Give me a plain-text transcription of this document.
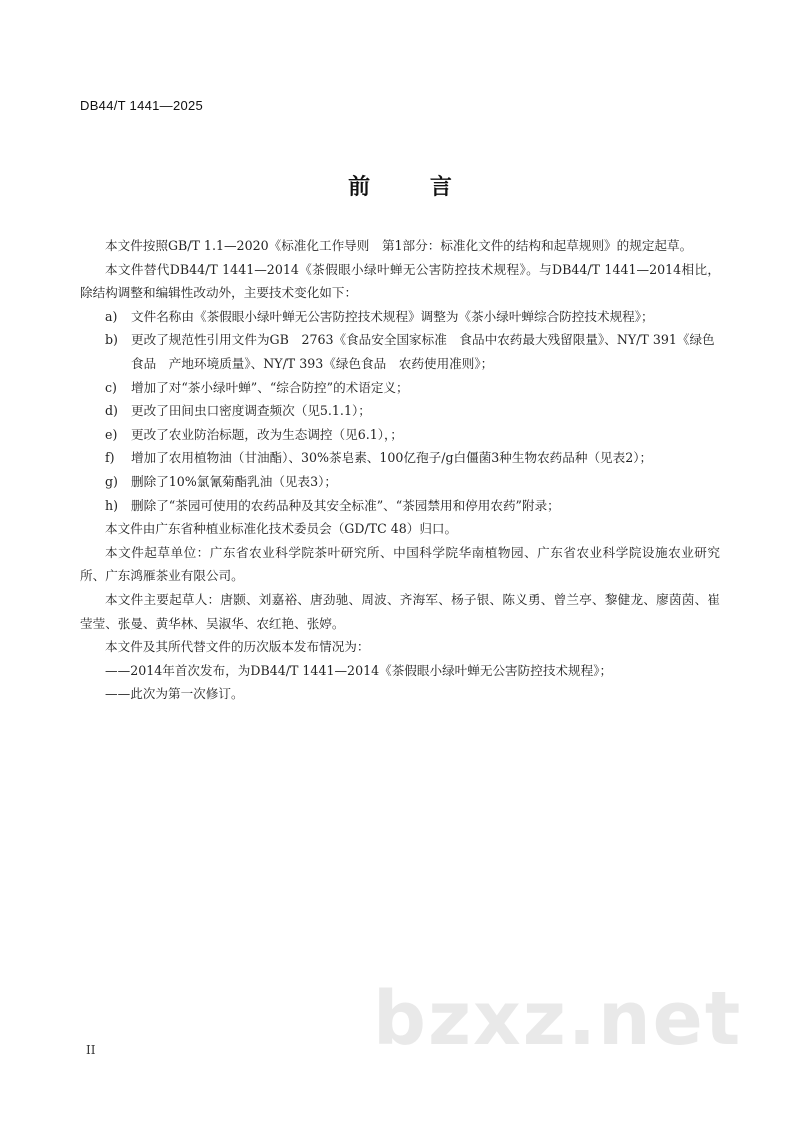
DB44/T 1441—2025
前 言

本文件按照GB/T 1.1—2020《标准化工作导则　第1部分：标准化文件的结构和起草规则》的规定起草。

本文件替代DB44/T 1441—2014《茶假眼小绿叶蝉无公害防控技术规程》。与DB44/T 1441—2014相比，除结构调整和编辑性改动外，主要技术变化如下：

a)	文件名称由《茶假眼小绿叶蝉无公害防控技术规程》调整为《茶小绿叶蝉综合防控技术规程》；
b)	更改了规范性引用文件为GB　2763《食品安全国家标准　食品中农药最大残留限量》、NY/T 391《绿色食品　产地环境质量》、NY/T 393《绿色食品　农药使用准则》；
c)	增加了对“茶小绿叶蝉”、“综合防控”的术语定义；
d)	更改了田间虫口密度调查频次（见5.1.1）；
e)	更改了农业防治标题，改为生态调控（见6.1），；
f)	增加了农用植物油（甘油酯）、30%茶皂素、100亿孢子/g白僵菌3种生物农药品种（见表2）；
g)	删除了10%氯氰菊酯乳油（见表3）；
h)	删除了“茶园可使用的农药品种及其安全标准”、“茶园禁用和停用农药”附录；

本文件由广东省种植业标准化技术委员会（GD/TC 48）归口。

本文件起草单位：广东省农业科学院茶叶研究所、中国科学院华南植物园、广东省农业科学院设施农业研究所、广东鸿雁茶业有限公司。

本文件主要起草人：唐颢、刘嘉裕、唐劲驰、周波、齐海军、杨子银、陈义勇、曾兰亭、黎健龙、廖茵茵、崔莹莹、张曼、黄华林、吴淑华、农红艳、张婷。

本文件及其所代替文件的历次版本发布情况为：

——2014年首次发布，为DB44/T 1441—2014《茶假眼小绿叶蝉无公害防控技术规程》；

——此次为第一次修订。

bzxz.net
II
